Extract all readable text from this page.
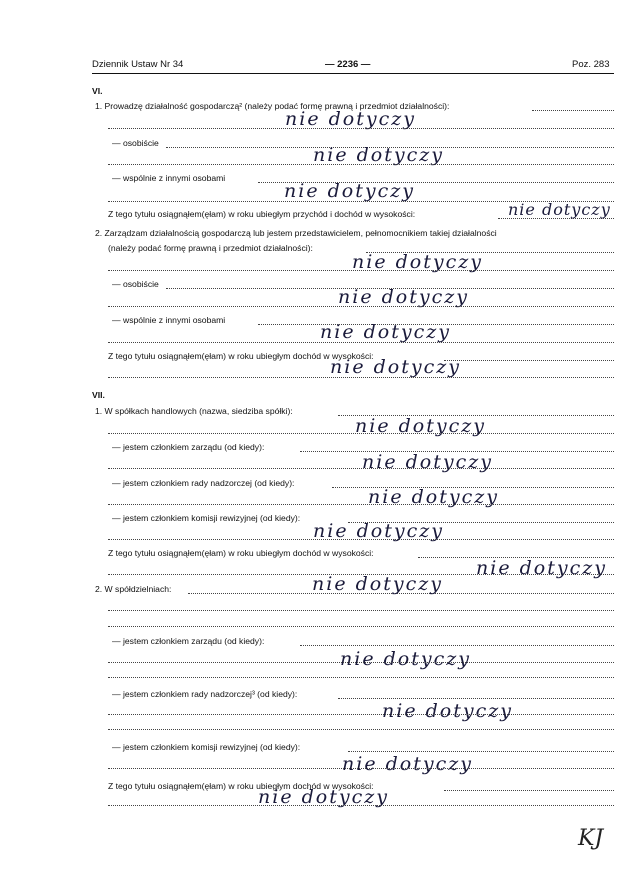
Dziennik Ustaw Nr 34	— 2236 —	Poz. 283
VI.
1. Prowadzę działalność gospodarczą² (należy podać formę prawną i przedmiot działalności):
nie dotyczy
— osobiście
nie dotyczy
— wspólnie z innymi osobami
nie dotyczy
Z tego tytułu osiągnąłem(ęłam) w roku ubiegłym przychód i dochód w wysokości:	nie dotyczy
2. Zarządzam działalnością gospodarczą lub jestem przedstawicielem, pełnomocnikiem takiej działalności
(należy podać formę prawną i przedmiot działalności):
nie dotyczy
— osobiście
nie dotyczy
— wspólnie z innymi osobami
nie dotyczy
Z tego tytułu osiągnąłem(ęłam) w roku ubiegłym dochód w wysokości:
nie dotyczy
VII.
1. W spółkach handlowych (nazwa, siedziba spółki):
nie dotyczy
— jestem członkiem zarządu (od kiedy):
nie dotyczy
— jestem członkiem rady nadzorczej (od kiedy):
nie dotyczy
— jestem członkiem komisji rewizyjnej (od kiedy):
nie dotyczy
Z tego tytułu osiągnąłem(ęłam) w roku ubiegłym dochód w wysokości:
nie dotyczy
2. W spółdzielniach:	nie dotyczy
— jestem członkiem zarządu (od kiedy):
nie dotyczy
— jestem członkiem rady nadzorczej³ (od kiedy):
nie dotyczy
— jestem członkiem komisji rewizyjnej (od kiedy):
nie dotyczy
Z tego tytułu osiągnąłem(ęłam) w roku ubiegłym dochód w wysokości:
nie dotyczy
KJ
